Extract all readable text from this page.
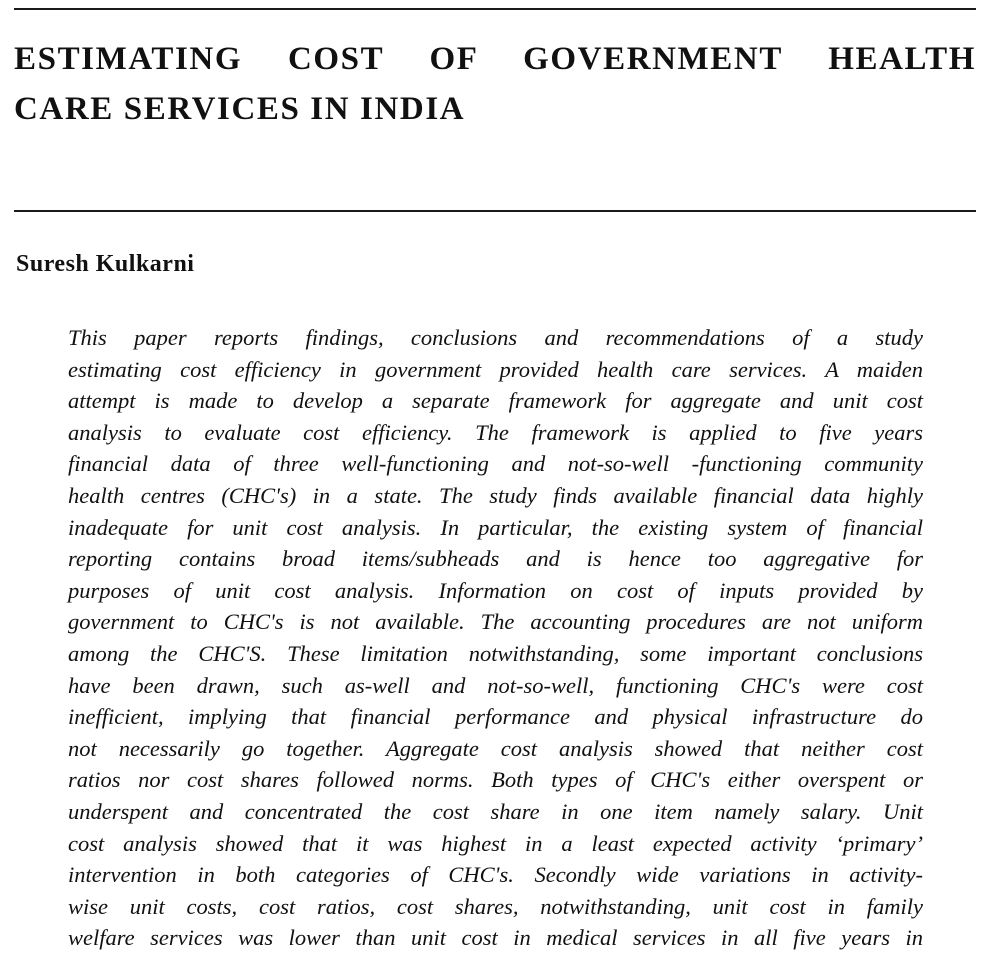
ESTIMATING COST OF GOVERNMENT HEALTH
CARE SERVICES IN INDIA

Suresh Kulkarni

This paper reports findings, conclusions and recommendations of a study
estimating cost efficiency in government provided health care services. A maiden
attempt is made to develop a separate framework for aggregate and unit cost
analysis to evaluate cost efficiency. The framework is applied to five years
financial data of three well-functioning and not-so-well -functioning community
health centres (CHC's) in a state. The study finds available financial data highly
inadequate for unit cost analysis. In particular, the existing system of financial
reporting contains broad items/subheads and is hence too aggregative for
purposes of unit cost analysis. Information on cost of inputs provided by
government to CHC's is not available. The accounting procedures are not uniform
among the CHC'S. These limitation notwithstanding, some important conclusions
have been drawn, such as-well and not-so-well, functioning CHC's were cost
inefficient, implying that financial performance and physical infrastructure do
not necessarily go together. Aggregate cost analysis showed that neither cost
ratios nor cost shares followed norms. Both types of CHC's either overspent or
underspent and concentrated the cost share in one item namely salary. Unit
cost analysis showed that it was highest in a least expected activity ‘primary’
intervention in both categories of CHC's. Secondly wide variations in activity-
wise unit costs, cost ratios, cost shares, notwithstanding, unit cost in family
welfare services was lower than unit cost in medical services in all five years in
